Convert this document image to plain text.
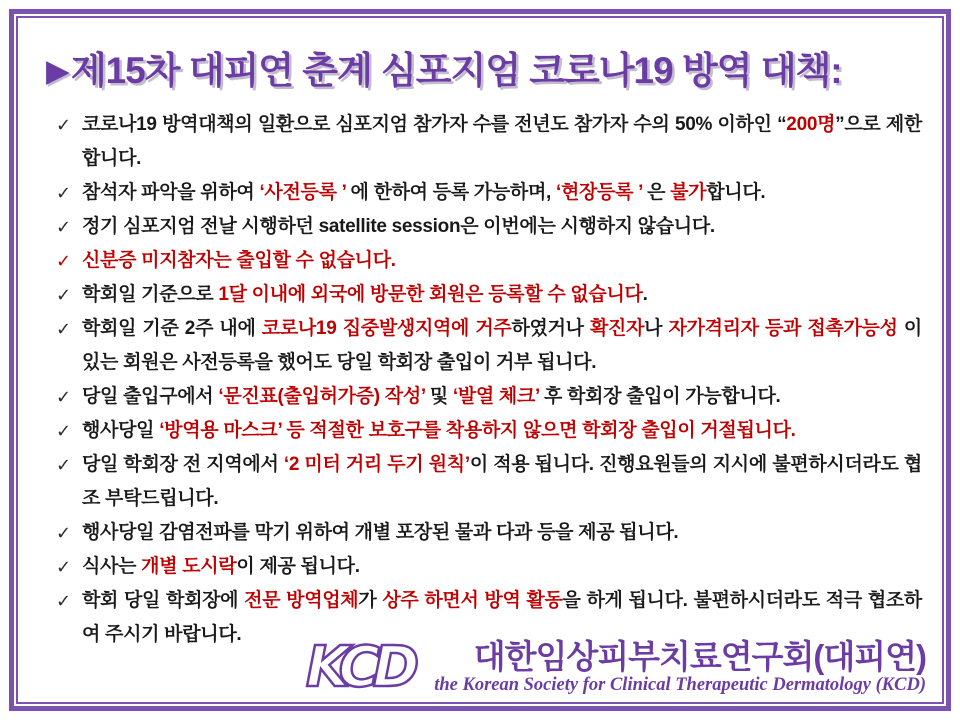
▶제15차 대피연 춘계 심포지엄 코로나19 방역 대책:
✓ 코로나19 방역대책의 일환으로 심포지엄 참가자 수를 전년도 참가자 수의 50% 이하인 “200명”으로 제한합니다.
✓ 참석자 파악을 위하여 ‘사전등록 ’ 에 한하여 등록 가능하며, ‘현장등록 ’ 은 불가합니다.
✓ 정기 심포지엄 전날 시행하던 satellite session은 이번에는 시행하지 않습니다.
✓ 신분증 미지참자는 출입할 수 없습니다.
✓ 학회일 기준으로 1달 이내에 외국에 방문한 회원은 등록할 수 없습니다.
✓ 학회일 기준 2주 내에 코로나19 집중발생지역에 거주하였거나 확진자나 자가격리자 등과 접촉가능성 이 있는 회원은 사전등록을 했어도 당일 학회장 출입이 거부 됩니다.
✓ 당일 출입구에서 ‘문진표(출입허가증) 작성’ 및 ‘발열 체크’ 후 학회장 출입이 가능합니다.
✓ 행사당일 ‘방역용 마스크’ 등 적절한 보호구를 착용하지 않으면 학회장 출입이 거절됩니다.
✓ 당일 학회장 전 지역에서 ‘2 미터 거리 두기 원칙’이 적용 됩니다. 진행요원들의 지시에 불편하시더라도 협조 부탁드립니다.
✓ 행사당일 감염전파를 막기 위하여 개별 포장된 물과 다과 등을 제공 됩니다.
✓ 식사는 개별 도시락이 제공 됩니다.
✓ 학회 당일 학회장에 전문 방역업체가 상주 하면서 방역 활동을 하게 됩니다. 불편하시더라도 적극 협조하여 주시기 바랍니다.
KCD	대한임상피부치료연구회(대피연)
the Korean Society for Clinical Therapeutic Dermatology (KCD)
